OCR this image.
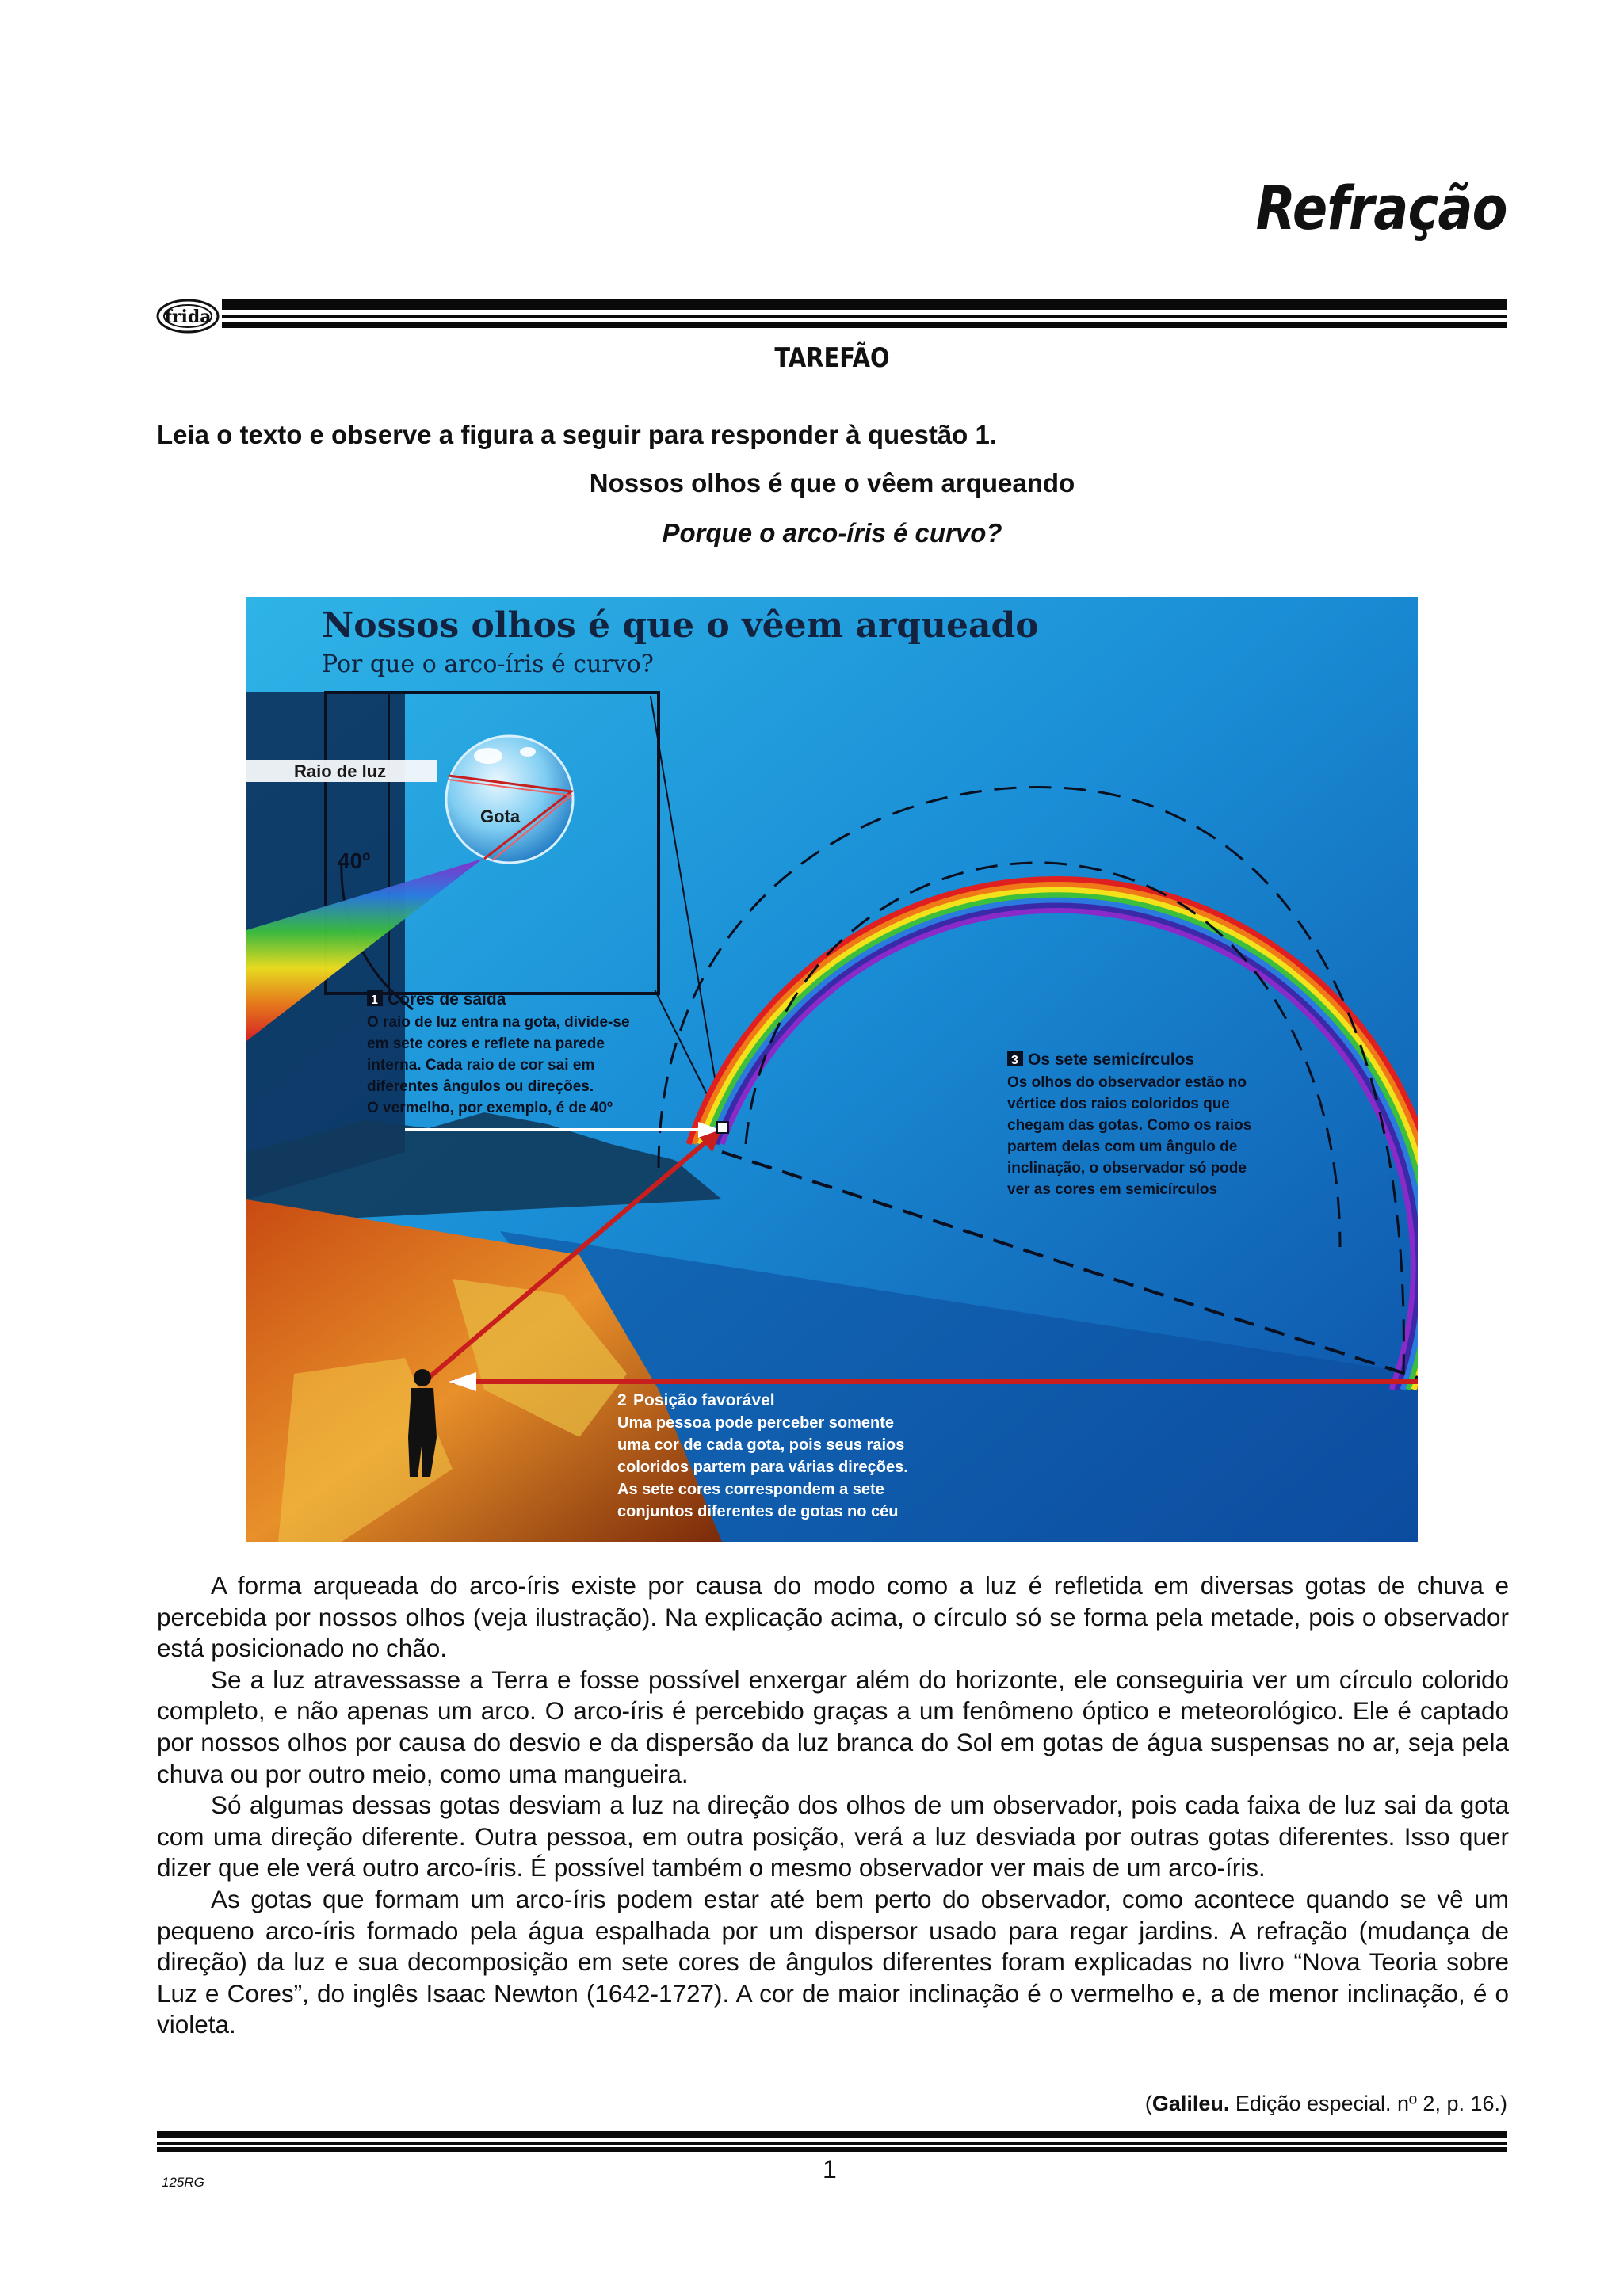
Refração
frida
TAREFÃO
Leia o texto e observe a figura a seguir para responder à questão 1.
Nossos olhos é que o vêem arqueando
Porque o arco-íris é curvo?
Raio de luz
Gota
40º
Nossos olhos é que o vêem arqueado
Por que o arco-íris é curvo?
1 Cores de saída
O raio de luz entra na gota, divide-se
em sete cores e reflete na parede
interna. Cada raio de cor sai em
diferentes ângulos ou direções.
O vermelho, por exemplo, é de 40º
3 Os sete semicírculos
Os olhos do observador estão no
vértice dos raios coloridos que
chegam das gotas. Como os raios
partem delas com um ângulo de
inclinação, o observador só pode
ver as cores em semicírculos
2 Posição favorável
Uma pessoa pode perceber somente
uma cor de cada gota, pois seus raios
coloridos partem para várias direções.
As sete cores correspondem a sete
conjuntos diferentes de gotas no céu

A forma arqueada do arco-íris existe por causa do modo como a luz é refletida em diversas gotas de chuva e percebida por nossos olhos (veja ilustração). Na explicação acima, o círculo só se forma pela metade, pois o observador está posicionado no chão.

Se a luz atravessasse a Terra e fosse possível enxergar além do horizonte, ele conseguiria ver um círculo colorido completo, e não apenas um arco. O arco-íris é percebido graças a um fenômeno óptico e meteorológico. Ele é captado por nossos olhos por causa do desvio e da dispersão da luz branca do Sol em gotas de água suspensas no ar, seja pela chuva ou por outro meio, como uma mangueira.

Só algumas dessas gotas desviam a luz na direção dos olhos de um observador, pois cada faixa de luz sai da gota com uma direção diferente. Outra pessoa, em outra posição, verá a luz desviada por outras gotas diferentes. Isso quer dizer que ele verá outro arco-íris. É possível também o mesmo observador ver mais de um arco-íris.

As gotas que formam um arco-íris podem estar até bem perto do observador, como acontece quando se vê um pequeno arco-íris formado pela água espalhada por um dispersor usado para regar jardins. A refração (mudança de direção) da luz e sua decomposição em sete cores de ângulos diferentes foram explicadas no livro “Nova Teoria sobre Luz e Cores”, do inglês Isaac Newton (1642-1727). A cor de maior inclinação é o vermelho e, a de menor inclinação, é o violeta.

(Galileu. Edição especial. nº 2, p. 16.)
125RG	1
